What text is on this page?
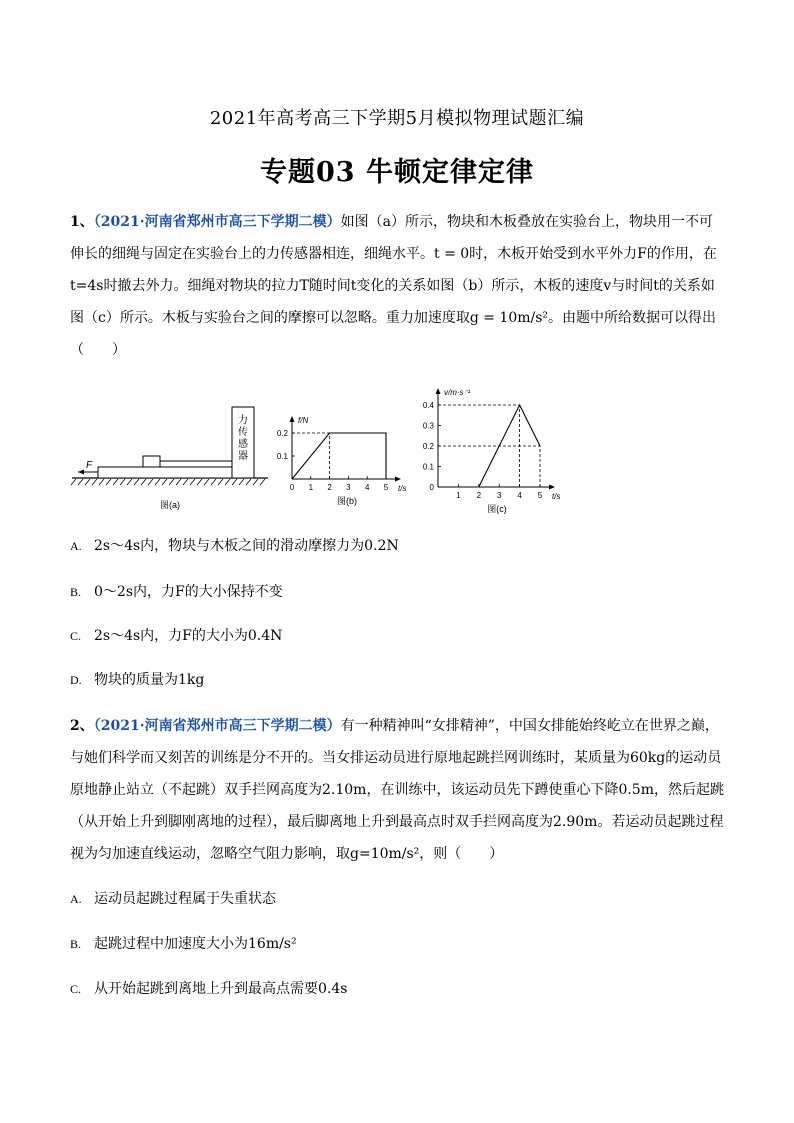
2021年高考高三下学期5月模拟物理试题汇编
专题03 牛顿定律定律
1、（2021·河南省郑州市高三下学期二模）如图（a）所示，物块和木板叠放在实验台上，物块用一不可
伸长的细绳与固定在实验台上的力传感器相连，细绳水平。t = 0时，木板开始受到水平外力F的作用，在
t=4s时撤去外力。细绳对物块的拉力T随时间t变化的关系如图（b）所示，木板的速度v与时间t的关系如
图（c）所示。木板与实验台之间的摩擦可以忽略。重力加速度取g = 10m/s²。由题中所给数据可以得出
（　　）
力传感器
F
图(a)
t/s
f/N
0.2
0.1
0 1 2 3 4 5
图(b)	t/s
v/m·s⁻¹
0.4
0.3
0.2
0.1
0
1 2 3 4 5
图(c)
A. 2s～4s内，物块与木板之间的滑动摩擦力为0.2N
B. 0～2s内，力F的大小保持不变
C. 2s～4s内，力F的大小为0.4N
D. 物块的质量为1kg
2、（2021·河南省郑州市高三下学期二模）有一种精神叫“女排精神”，中国女排能始终屹立在世界之巅，
与她们科学而又刻苦的训练是分不开的。当女排运动员进行原地起跳拦网训练时，某质量为60kg的运动员
原地静止站立（不起跳）双手拦网高度为2.10m，在训练中，该运动员先下蹲使重心下降0.5m，然后起跳
（从开始上升到脚刚离地的过程），最后脚离地上升到最高点时双手拦网高度为2.90m。若运动员起跳过程
视为匀加速直线运动，忽略空气阻力影响，取g=10m/s²，则（　　）
A. 运动员起跳过程属于失重状态
B. 起跳过程中加速度大小为16m/s²
C. 从开始起跳到离地上升到最高点需要0.4s
